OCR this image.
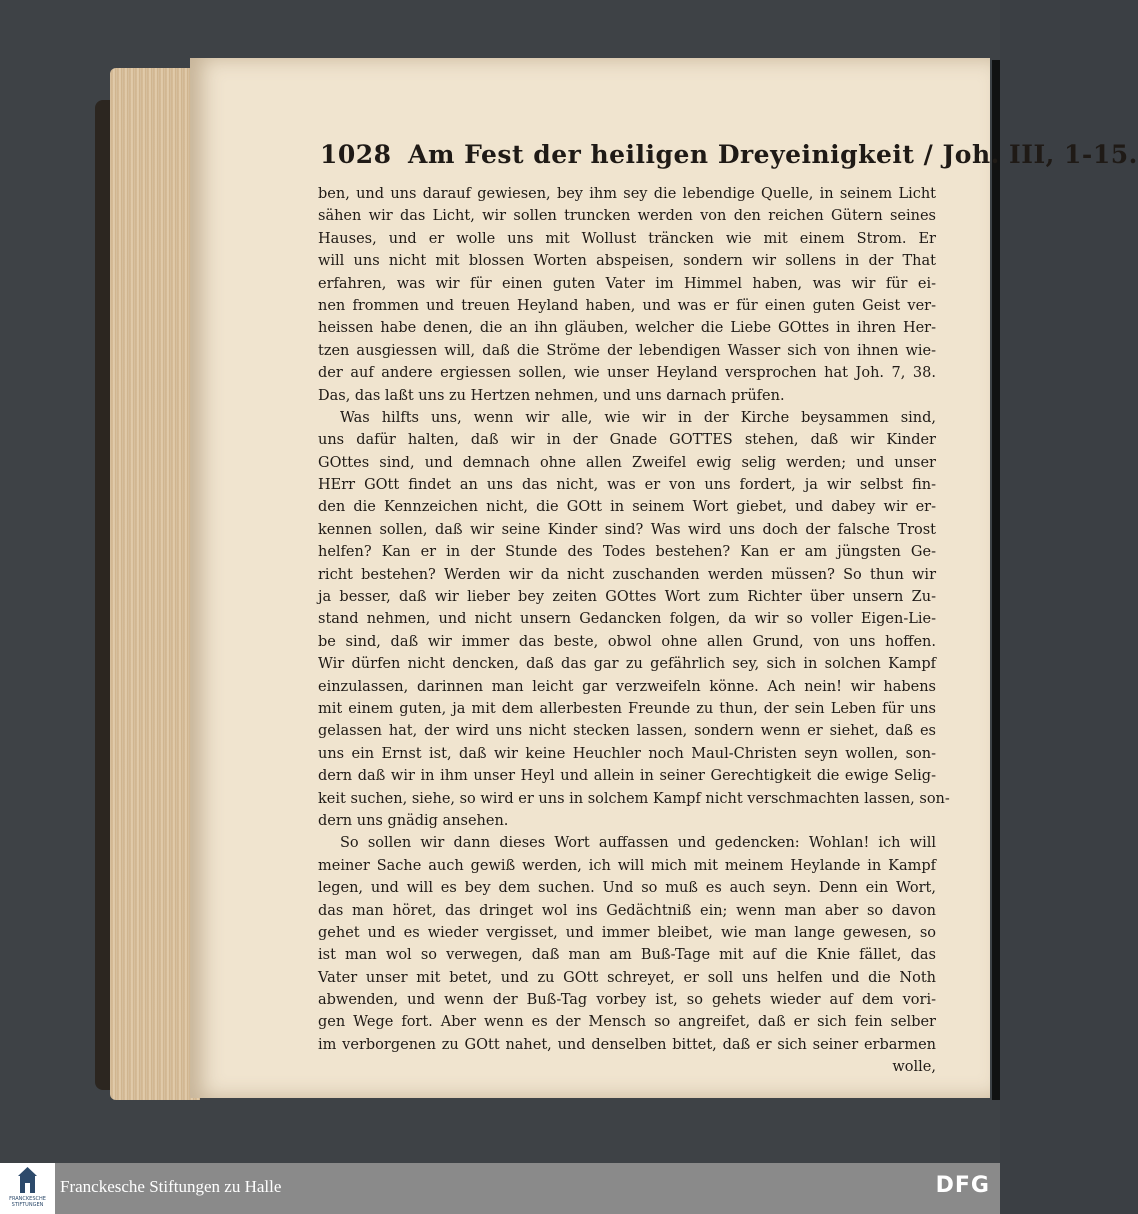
1028 Am Fest der heiligen Dreyeinigkeit / Joh. III, 1-15.
ben, und uns darauf gewiesen, bey ihm sey die lebendige Quelle, in seinem Licht
sähen wir das Licht, wir sollen truncken werden von den reichen Gütern seines
Hauses, und er wolle uns mit Wollust träncken wie mit einem Strom. Er
will uns nicht mit blossen Worten abspeisen, sondern wir sollens in der That
erfahren, was wir für einen guten Vater im Himmel haben, was wir für ei-
nen frommen und treuen Heyland haben, und was er für einen guten Geist ver-
heissen habe denen, die an ihn gläuben, welcher die Liebe GOttes in ihren Her-
tzen ausgiessen will, daß die Ströme der lebendigen Wasser sich von ihnen wie-
der auf andere ergiessen sollen, wie unser Heyland versprochen hat Joh. 7, 38.
Das, das laßt uns zu Hertzen nehmen, und uns darnach prüfen.
Was hilfts uns, wenn wir alle, wie wir in der Kirche beysammen sind,
uns dafür halten, daß wir in der Gnade GOTTES stehen, daß wir Kinder
GOttes sind, und demnach ohne allen Zweifel ewig selig werden; und unser
HErr GOtt findet an uns das nicht, was er von uns fordert, ja wir selbst fin-
den die Kennzeichen nicht, die GOtt in seinem Wort giebet, und dabey wir er-
kennen sollen, daß wir seine Kinder sind? Was wird uns doch der falsche Trost
helfen? Kan er in der Stunde des Todes bestehen? Kan er am jüngsten Ge-
richt bestehen? Werden wir da nicht zuschanden werden müssen? So thun wir
ja besser, daß wir lieber bey zeiten GOttes Wort zum Richter über unsern Zu-
stand nehmen, und nicht unsern Gedancken folgen, da wir so voller Eigen-Lie-
be sind, daß wir immer das beste, obwol ohne allen Grund, von uns hoffen.
Wir dürfen nicht dencken, daß das gar zu gefährlich sey, sich in solchen Kampf
einzulassen, darinnen man leicht gar verzweifeln könne. Ach nein! wir habens
mit einem guten, ja mit dem allerbesten Freunde zu thun, der sein Leben für uns
gelassen hat, der wird uns nicht stecken lassen, sondern wenn er siehet, daß es
uns ein Ernst ist, daß wir keine Heuchler noch Maul-Christen seyn wollen, son-
dern daß wir in ihm unser Heyl und allein in seiner Gerechtigkeit die ewige Selig-
keit suchen, siehe, so wird er uns in solchem Kampf nicht verschmachten lassen, son-
dern uns gnädig ansehen.
So sollen wir dann dieses Wort auffassen und gedencken: Wohlan! ich will
meiner Sache auch gewiß werden, ich will mich mit meinem Heylande in Kampf
legen, und will es bey dem suchen. Und so muß es auch seyn. Denn ein Wort,
das man höret, das dringet wol ins Gedächtniß ein; wenn man aber so davon
gehet und es wieder vergisset, und immer bleibet, wie man lange gewesen, so
ist man wol so verwegen, daß man am Buß-Tage mit auf die Knie fället, das
Vater unser mit betet, und zu GOtt schreyet, er soll uns helfen und die Noth
abwenden, und wenn der Buß-Tag vorbey ist, so gehets wieder auf dem vori-
gen Wege fort. Aber wenn es der Mensch so angreifet, daß er sich fein selber
im verborgenen zu GOtt nahet, und denselben bittet, daß er sich seiner erbarmen
wolle,
FRANCKESCHE STIFTUNGEN
Franckesche Stiftungen zu Halle	DFG
